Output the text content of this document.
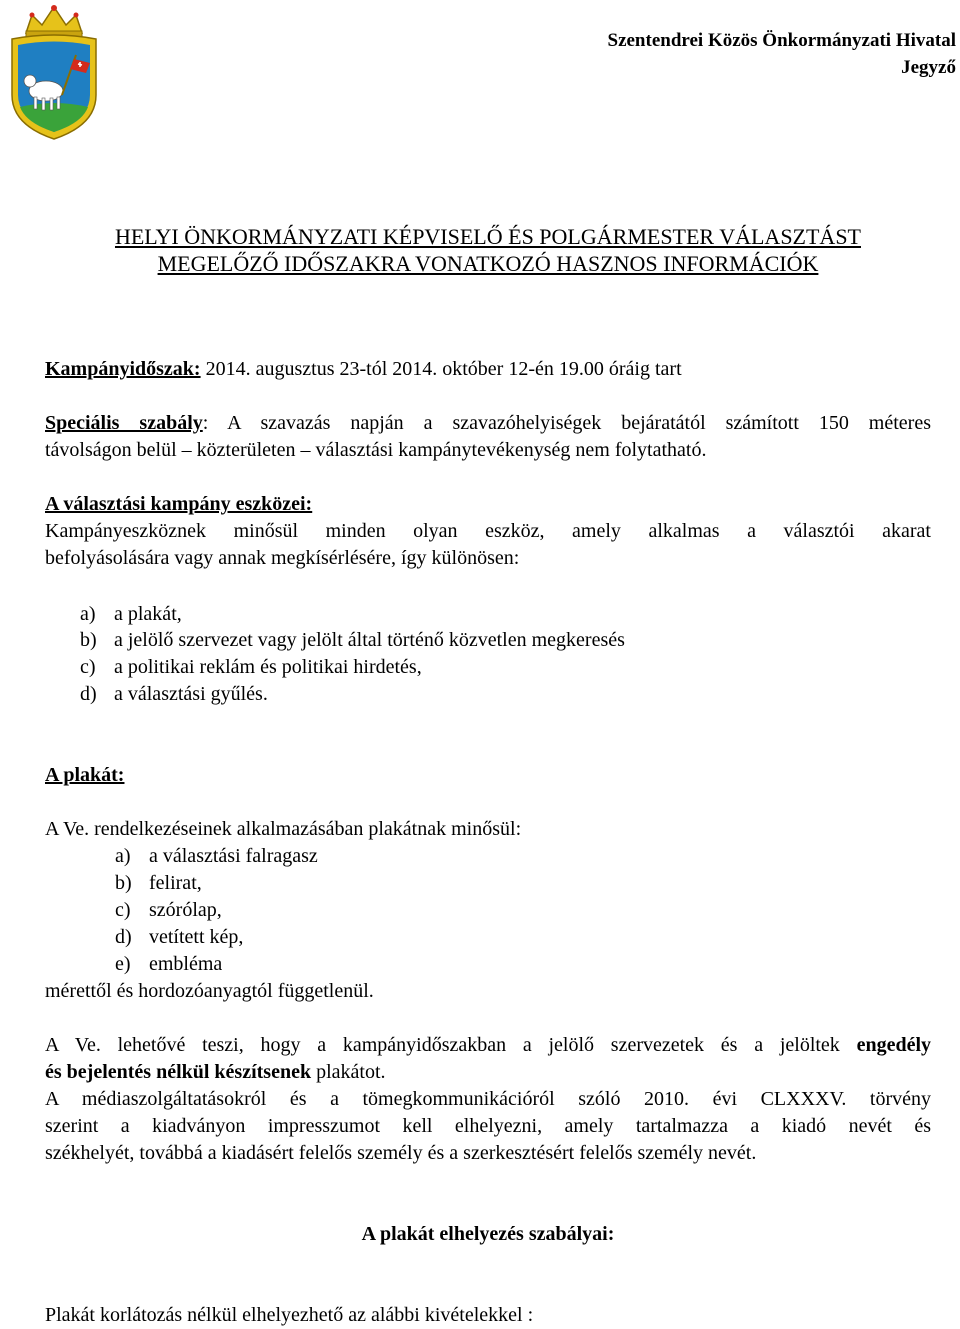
Szentendrei Közös Önkormányzati Hivatal
Jegyző
HELYI ÖNKORMÁNYZATI KÉPVISELŐ ÉS POLGÁRMESTER VÁLASZTÁST
MEGELŐZŐ IDŐSZAKRA VONATKOZÓ HASZNOS INFORMÁCIÓK
Kampányidőszak: 2014. augusztus 23-tól 2014. október 12-én 19.00 óráig tart
Speciális szabály: A szavazás napján a szavazóhelyiségek bejáratától számított 150 méteres
távolságon belül – közterületen – választási kampánytevékenység nem folytatható.
A választási kampány eszközei:
Kampányeszköznek minősül minden olyan eszköz, amely alkalmas a választói akarat
befolyásolására vagy annak megkísérlésére, így különösen:
a) a plakát,
b) a jelölő szervezet vagy jelölt által történő közvetlen megkeresés
c) a politikai reklám és politikai hirdetés,
d) a választási gyűlés.
A plakát:
A Ve. rendelkezéseinek alkalmazásában plakátnak minősül:
a) a választási falragasz
b) felirat,
c) szórólap,
d) vetített kép,
e) embléma
mérettől és hordozóanyagtól függetlenül.
A Ve. lehetővé teszi, hogy a kampányidőszakban a jelölő szervezetek és a jelöltek engedély
és bejelentés nélkül készítsenek plakátot.
A médiaszolgáltatásokról és a tömegkommunikációról szóló 2010. évi CLXXXV. törvény
szerint a kiadványon impresszumot kell elhelyezni, amely tartalmazza a kiadó nevét és
székhelyét, továbbá a kiadásért felelős személy és a szerkesztésért felelős személy nevét.
A plakát elhelyezés szabályai:
Plakát korlátozás nélkül elhelyezhető az alábbi kivételekkel :
